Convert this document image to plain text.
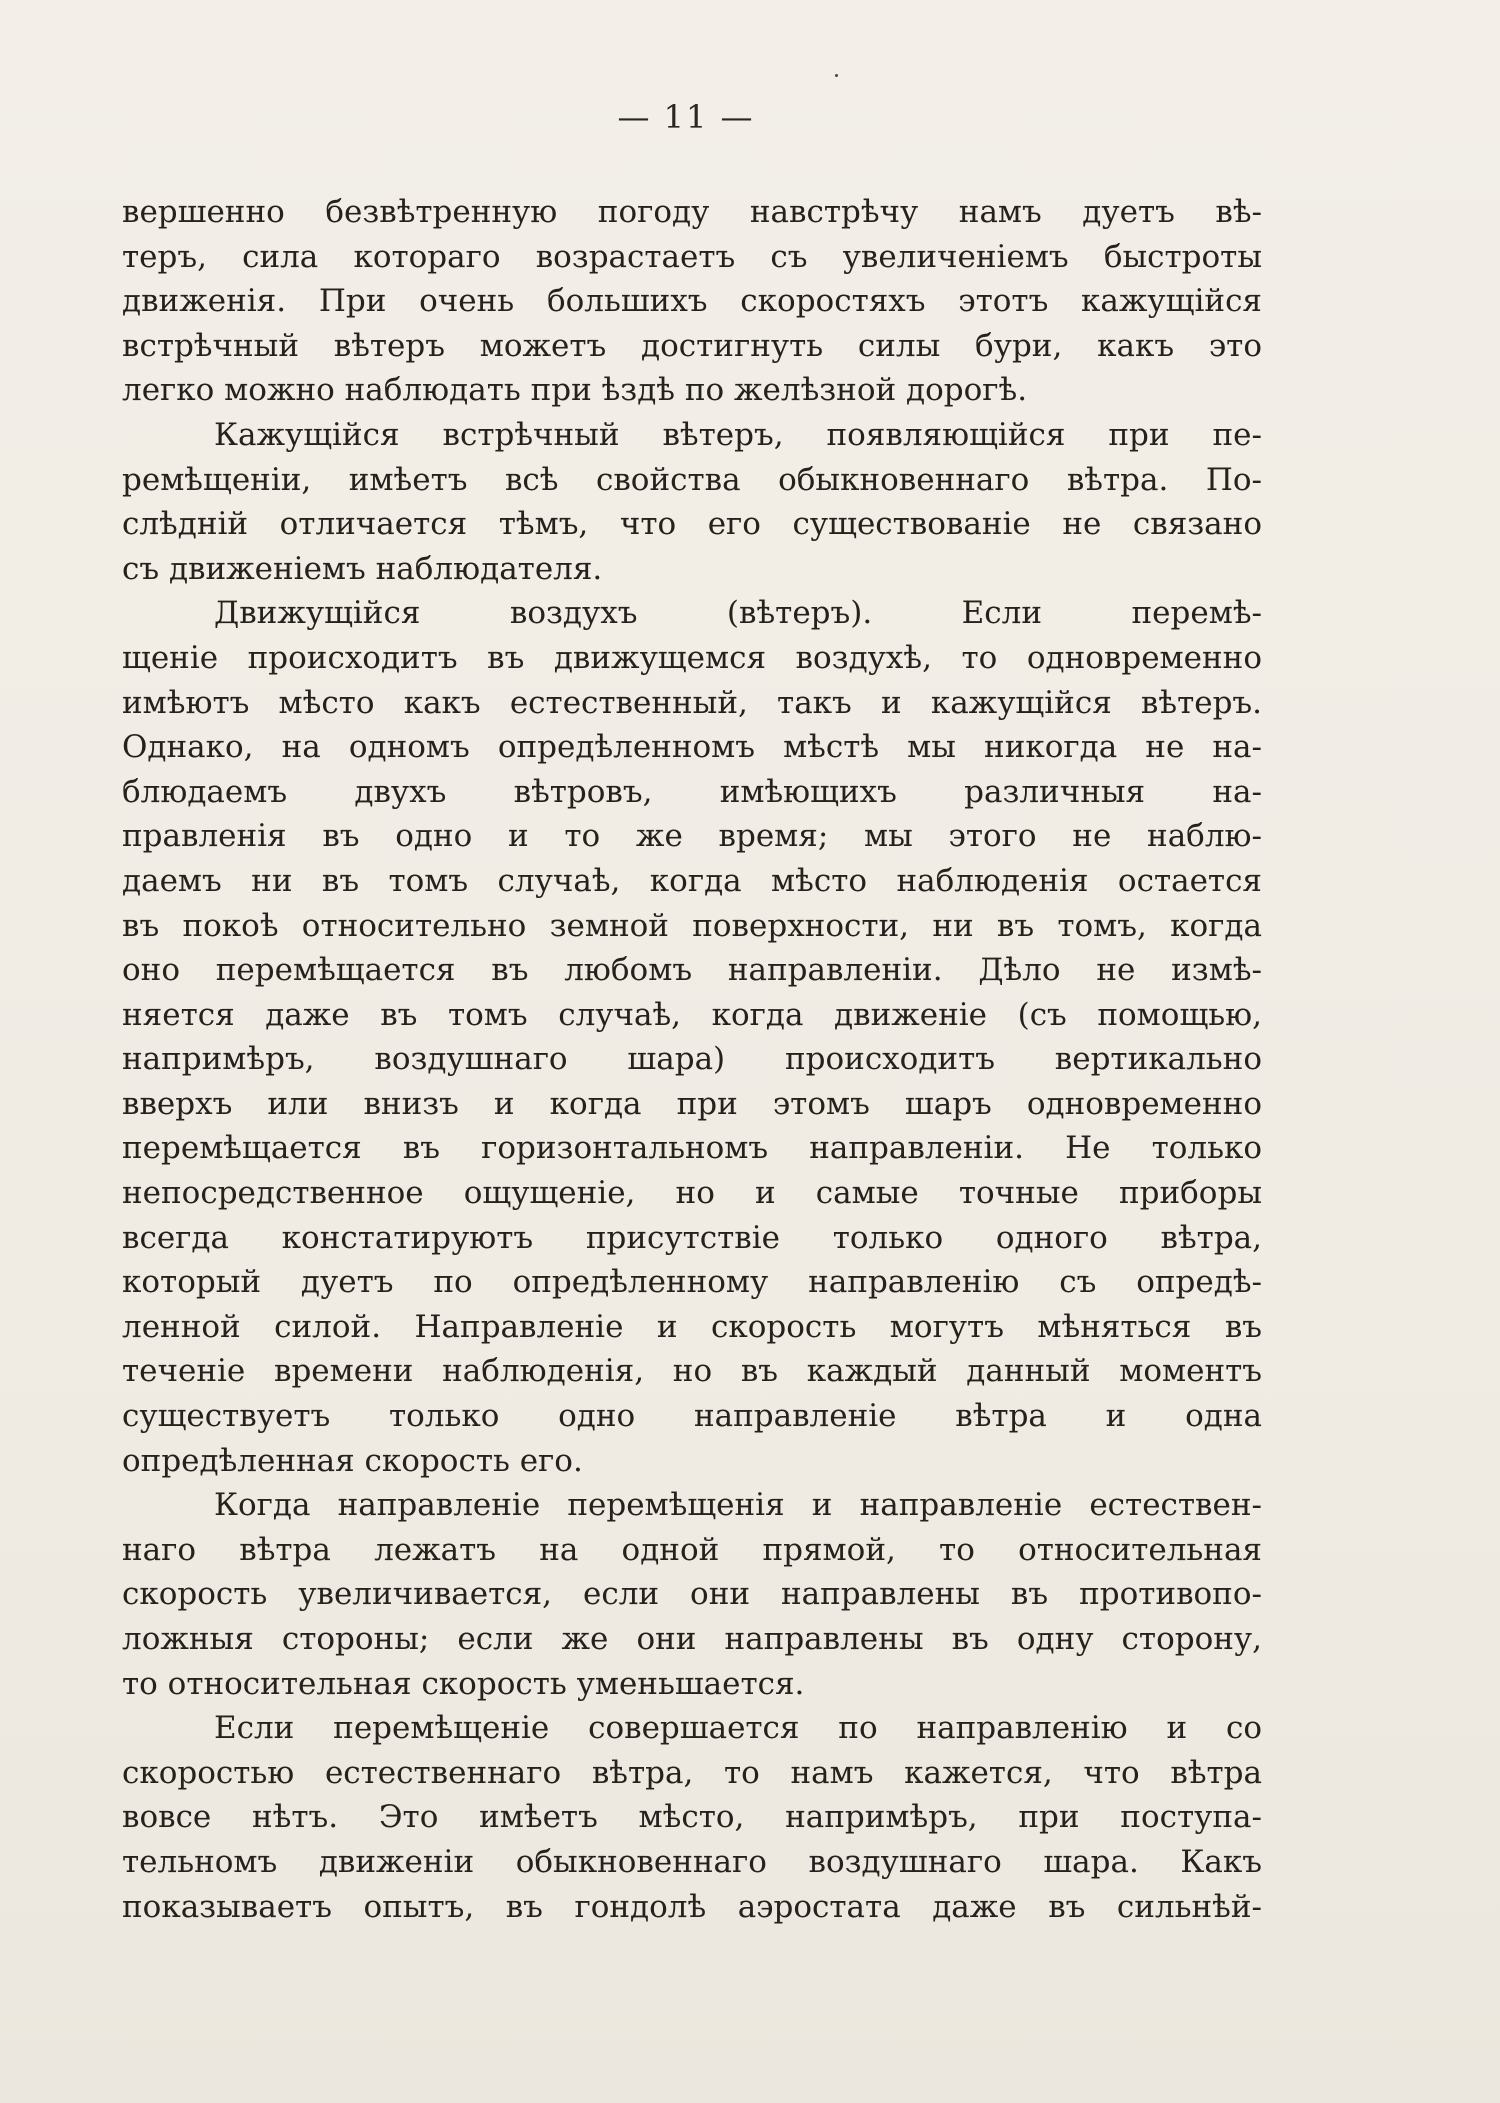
— 11 —
вершенно безвѣтренную погоду навстрѣчу намъ дуетъ вѣ-
теръ, сила котораго возрастаетъ съ увеличеніемъ быстроты
движенія. При очень большихъ скоростяхъ этотъ кажущійся
встрѣчный вѣтеръ можетъ достигнуть силы бури, какъ это
легко можно наблюдать при ѣздѣ по желѣзной дорогѣ.
Кажущійся встрѣчный вѣтеръ, появляющійся при пе-
ремѣщеніи, имѣетъ всѣ свойства обыкновеннаго вѣтра. По-
слѣдній отличается тѣмъ, что его существованіе не связано
съ движеніемъ наблюдателя.
Движущійся воздухъ (вѣтеръ). Если перемѣ-
щеніе происходитъ въ движущемся воздухѣ, то одновременно
имѣютъ мѣсто какъ естественный, такъ и кажущійся вѣтеръ.
Однако, на одномъ опредѣленномъ мѣстѣ мы никогда не на-
блюдаемъ двухъ вѣтровъ, имѣющихъ различныя на-
правленія въ одно и то же время; мы этого не наблю-
даемъ ни въ томъ случаѣ, когда мѣсто наблюденія остается
въ покоѣ относительно земной поверхности, ни въ томъ, когда
оно перемѣщается въ любомъ направленіи. Дѣло не измѣ-
няется даже въ томъ случаѣ, когда движеніе (съ помощью,
напримѣръ, воздушнаго шара) происходитъ вертикально
вверхъ или внизъ и когда при этомъ шаръ одновременно
перемѣщается въ горизонтальномъ направленіи. Не только
непосредственное ощущеніе, но и самые точные приборы
всегда констатируютъ присутствіе только одного вѣтра,
который дуетъ по опредѣленному направленію съ опредѣ-
ленной силой. Направленіе и скорость могутъ мѣняться въ
теченіе времени наблюденія, но въ каждый данный моментъ
существуетъ только одно направленіе вѣтра и одна
опредѣленная скорость его.
Когда направленіе перемѣщенія и направленіе естествен-
наго вѣтра лежатъ на одной прямой, то относительная
скорость увеличивается, если они направлены въ противопо-
ложныя стороны; если же они направлены въ одну сторону,
то относительная скорость уменьшается.
Если перемѣщеніе совершается по направленію и со
скоростью естественнаго вѣтра, то намъ кажется, что вѣтра
вовсе нѣтъ. Это имѣетъ мѣсто, напримѣръ, при поступа-
тельномъ движеніи обыкновеннаго воздушнаго шара. Какъ
показываетъ опытъ, въ гондолѣ аэростата даже въ сильнѣй-
